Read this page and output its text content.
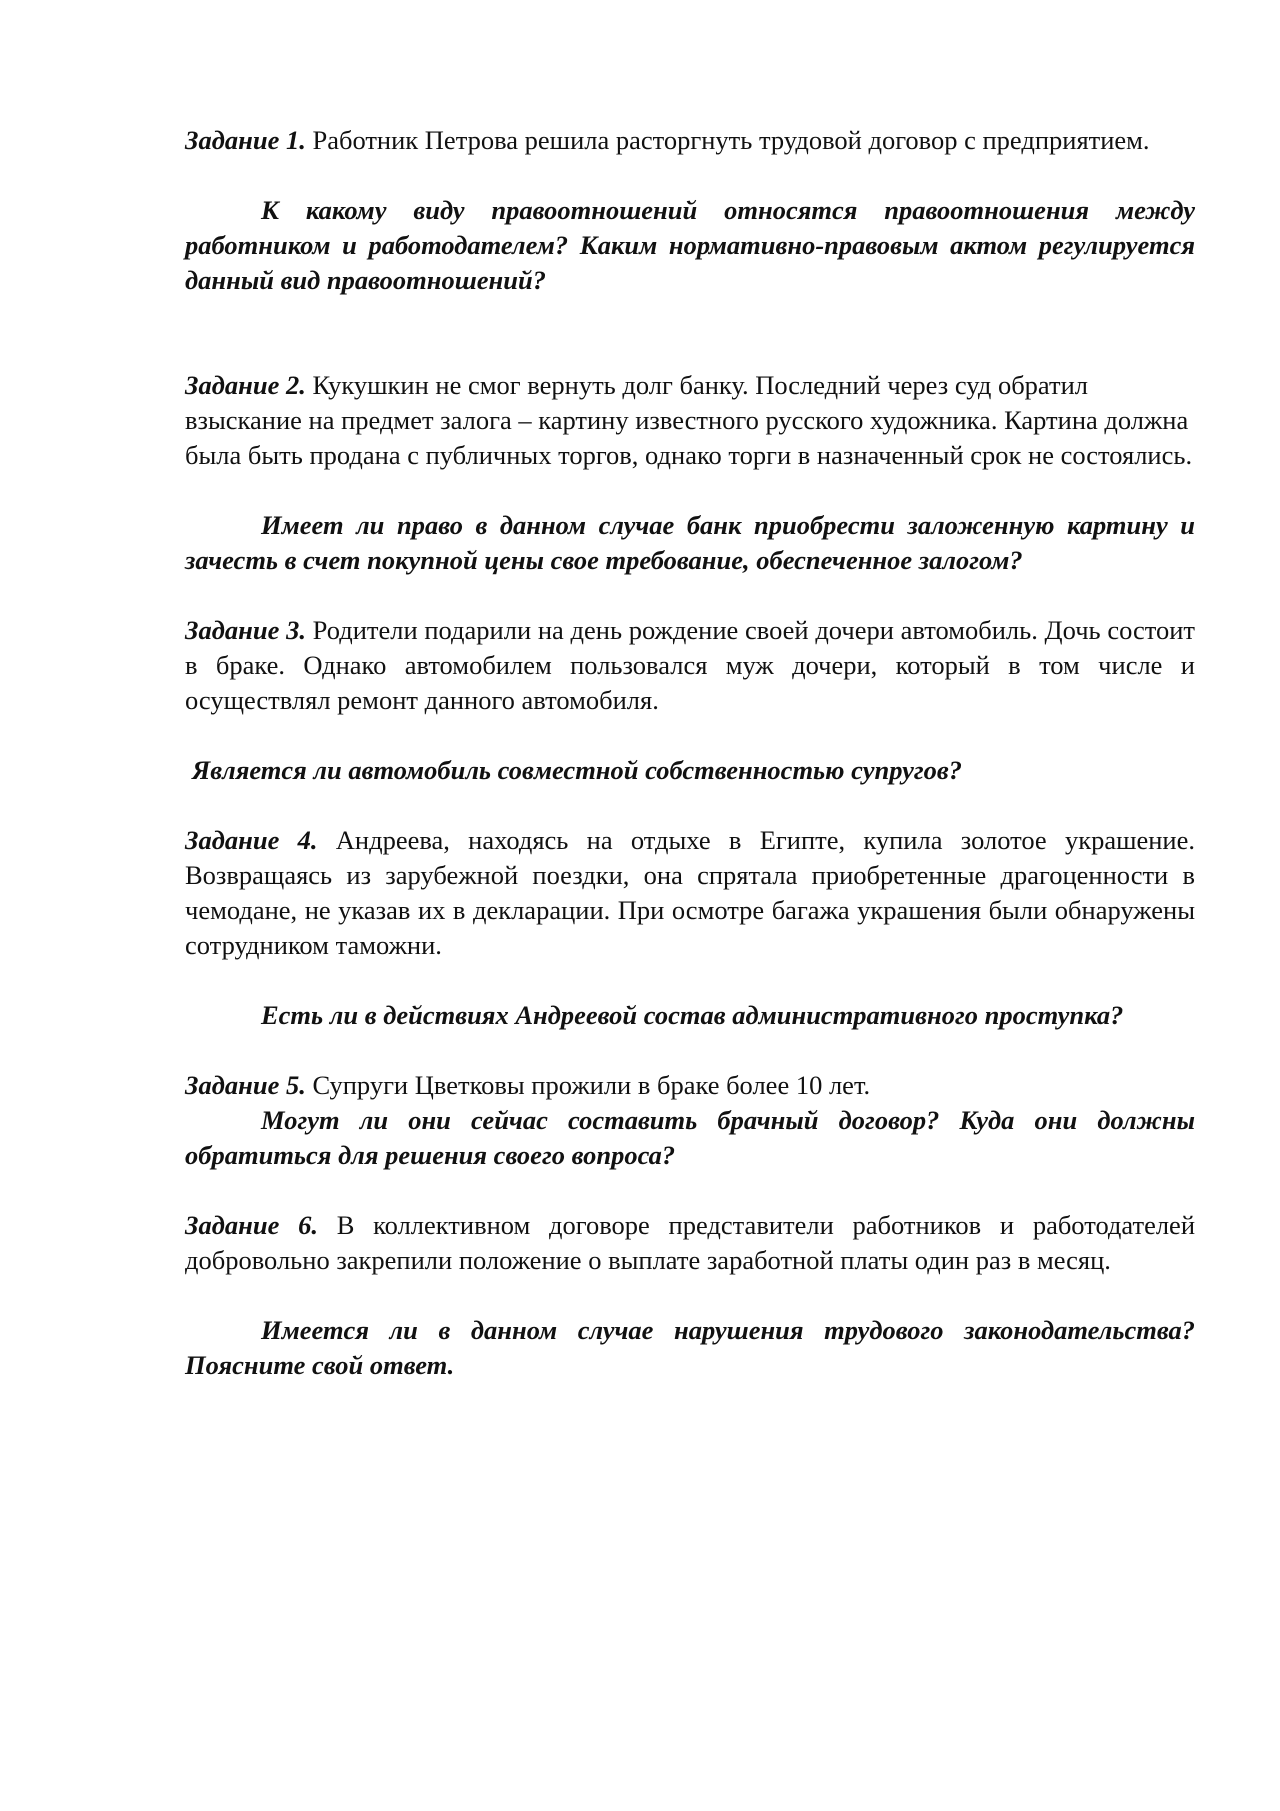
Задание 1. Работник Петрова решила расторгнуть трудовой договор с предприятием.

К какому виду правоотношений относятся правоотношения между работником и работодателем? Каким нормативно-правовым актом регулируется данный вид правоотношений?

Задание 2. Кукушкин не смог вернуть долг банку. Последний через суд обратил взыскание на предмет залога – картину известного русского художника. Картина должна была быть продана с публичных торгов, однако торги в назначенный срок не состоялись.

Имеет ли право в данном случае банк приобрести заложенную картину и зачесть в счет покупной цены свое требование, обеспеченное залогом?

Задание 3. Родители подарили на день рождение своей дочери автомобиль. Дочь состоит в браке. Однако автомобилем пользовался муж дочери, который в том числе и осуществлял ремонт данного автомобиля.

Является ли автомобиль совместной собственностью супругов?

Задание 4. Андреева, находясь на отдыхе в Египте, купила золотое украшение. Возвращаясь из зарубежной поездки, она спрятала приобретенные драгоценности в чемодане, не указав их в декларации. При осмотре багажа украшения были обнаружены сотрудником таможни.

Есть ли в действиях Андреевой состав административного проступка?

Задание 5. Супруги Цветковы прожили в браке более 10 лет.

Могут ли они сейчас составить брачный договор? Куда они должны обратиться для решения своего вопроса?

Задание 6. В коллективном договоре представители работников и работодателей добровольно закрепили положение о выплате заработной платы один раз в месяц.

Имеется ли в данном случае нарушения трудового законодательства? Поясните свой ответ.
